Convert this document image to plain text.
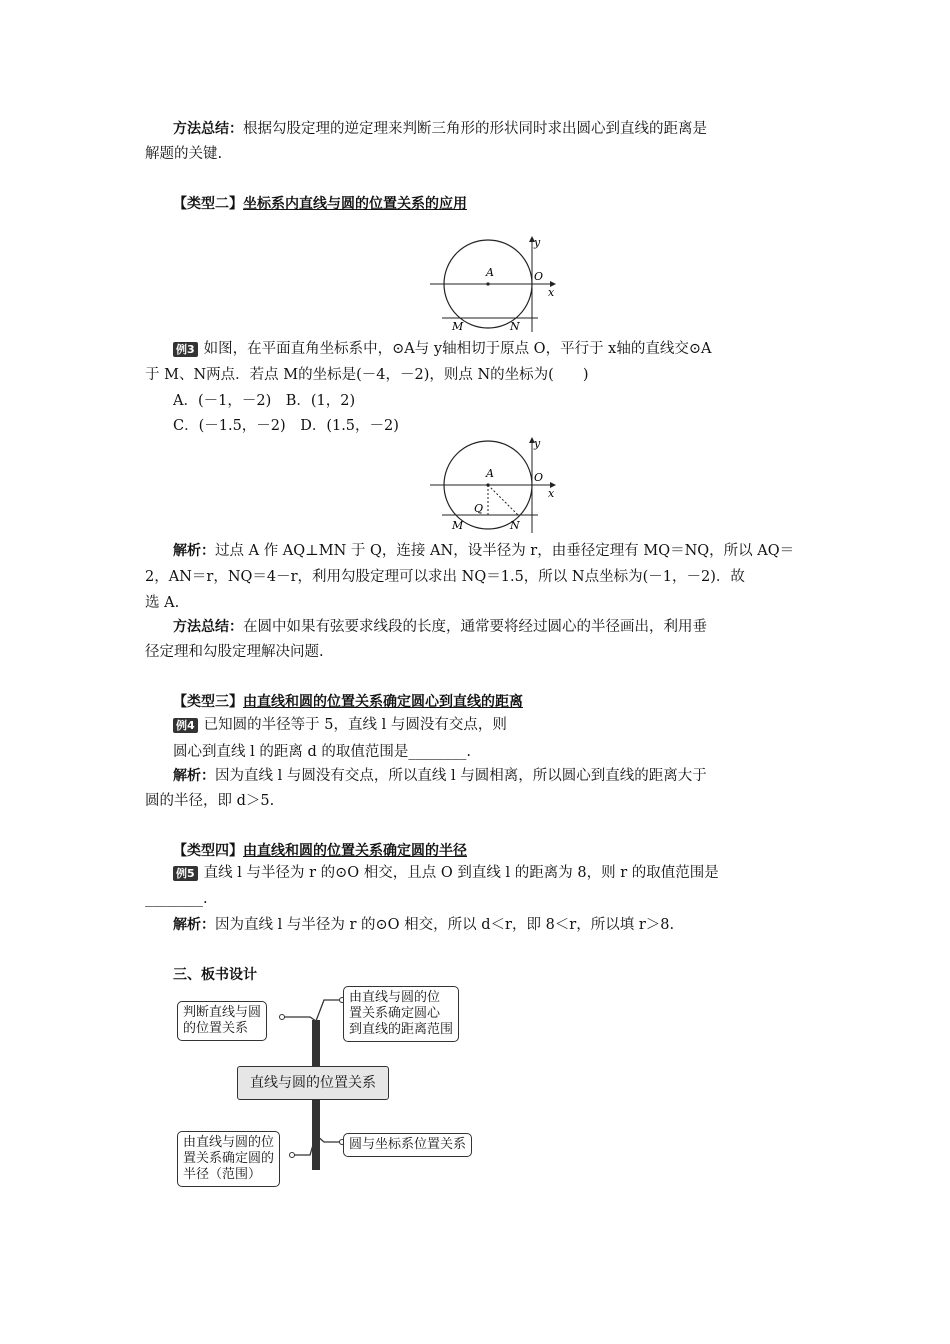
方法总结：根据勾股定理的逆定理来判断三角形的形状同时求出圆心到直线的距离是
解题的关键.
【类型二】坐标系内直线与圆的位置关系的应用
A	O
x
y
M	N
例3 如图，在平面直角坐标系中，⊙A与 y轴相切于原点 O，平行于 x轴的直线交⊙A
于 M、N两点．若点 M的坐标是(－4，－2)，则点 N的坐标为(　　)
A．(－1，－2)　B．(1，2)
C．(－1.5，－2)　D．(1.5，－2)
A	O
x
y
Q
M	N
解析：过点 A 作 AQ⊥MN 于 Q，连接 AN，设半径为 r，由垂径定理有 MQ＝NQ，所以 AQ＝
2，AN＝r，NQ＝4－r，利用勾股定理可以求出 NQ＝1.5，所以 N点坐标为(－1，－2)．故
选 A.
方法总结：在圆中如果有弦要求线段的长度，通常要将经过圆心的半径画出，利用垂
径定理和勾股定理解决问题.
【类型三】由直线和圆的位置关系确定圆心到直线的距离
例4 已知圆的半径等于 5，直线 l 与圆没有交点，则
圆心到直线 l 的距离 d 的取值范围是________.
解析：因为直线 l 与圆没有交点，所以直线 l 与圆相离，所以圆心到直线的距离大于
圆的半径，即 d＞5.
【类型四】由直线和圆的位置关系确定圆的半径
例5 直线 l 与半径为 r 的⊙O 相交，且点 O 到直线 l 的距离为 8，则 r 的取值范围是
________.
解析：因为直线 l 与半径为 r 的⊙O 相交，所以 d＜r，即 8＜r，所以填 r＞8.
三、板书设计
判断直线与圆
的位置关系
由直线与圆的位
置关系确定圆心
到直线的距离范围
直线与圆的位置关系
由直线与圆的位
置关系确定圆的
半径（范围）
圆与坐标系位置关系
